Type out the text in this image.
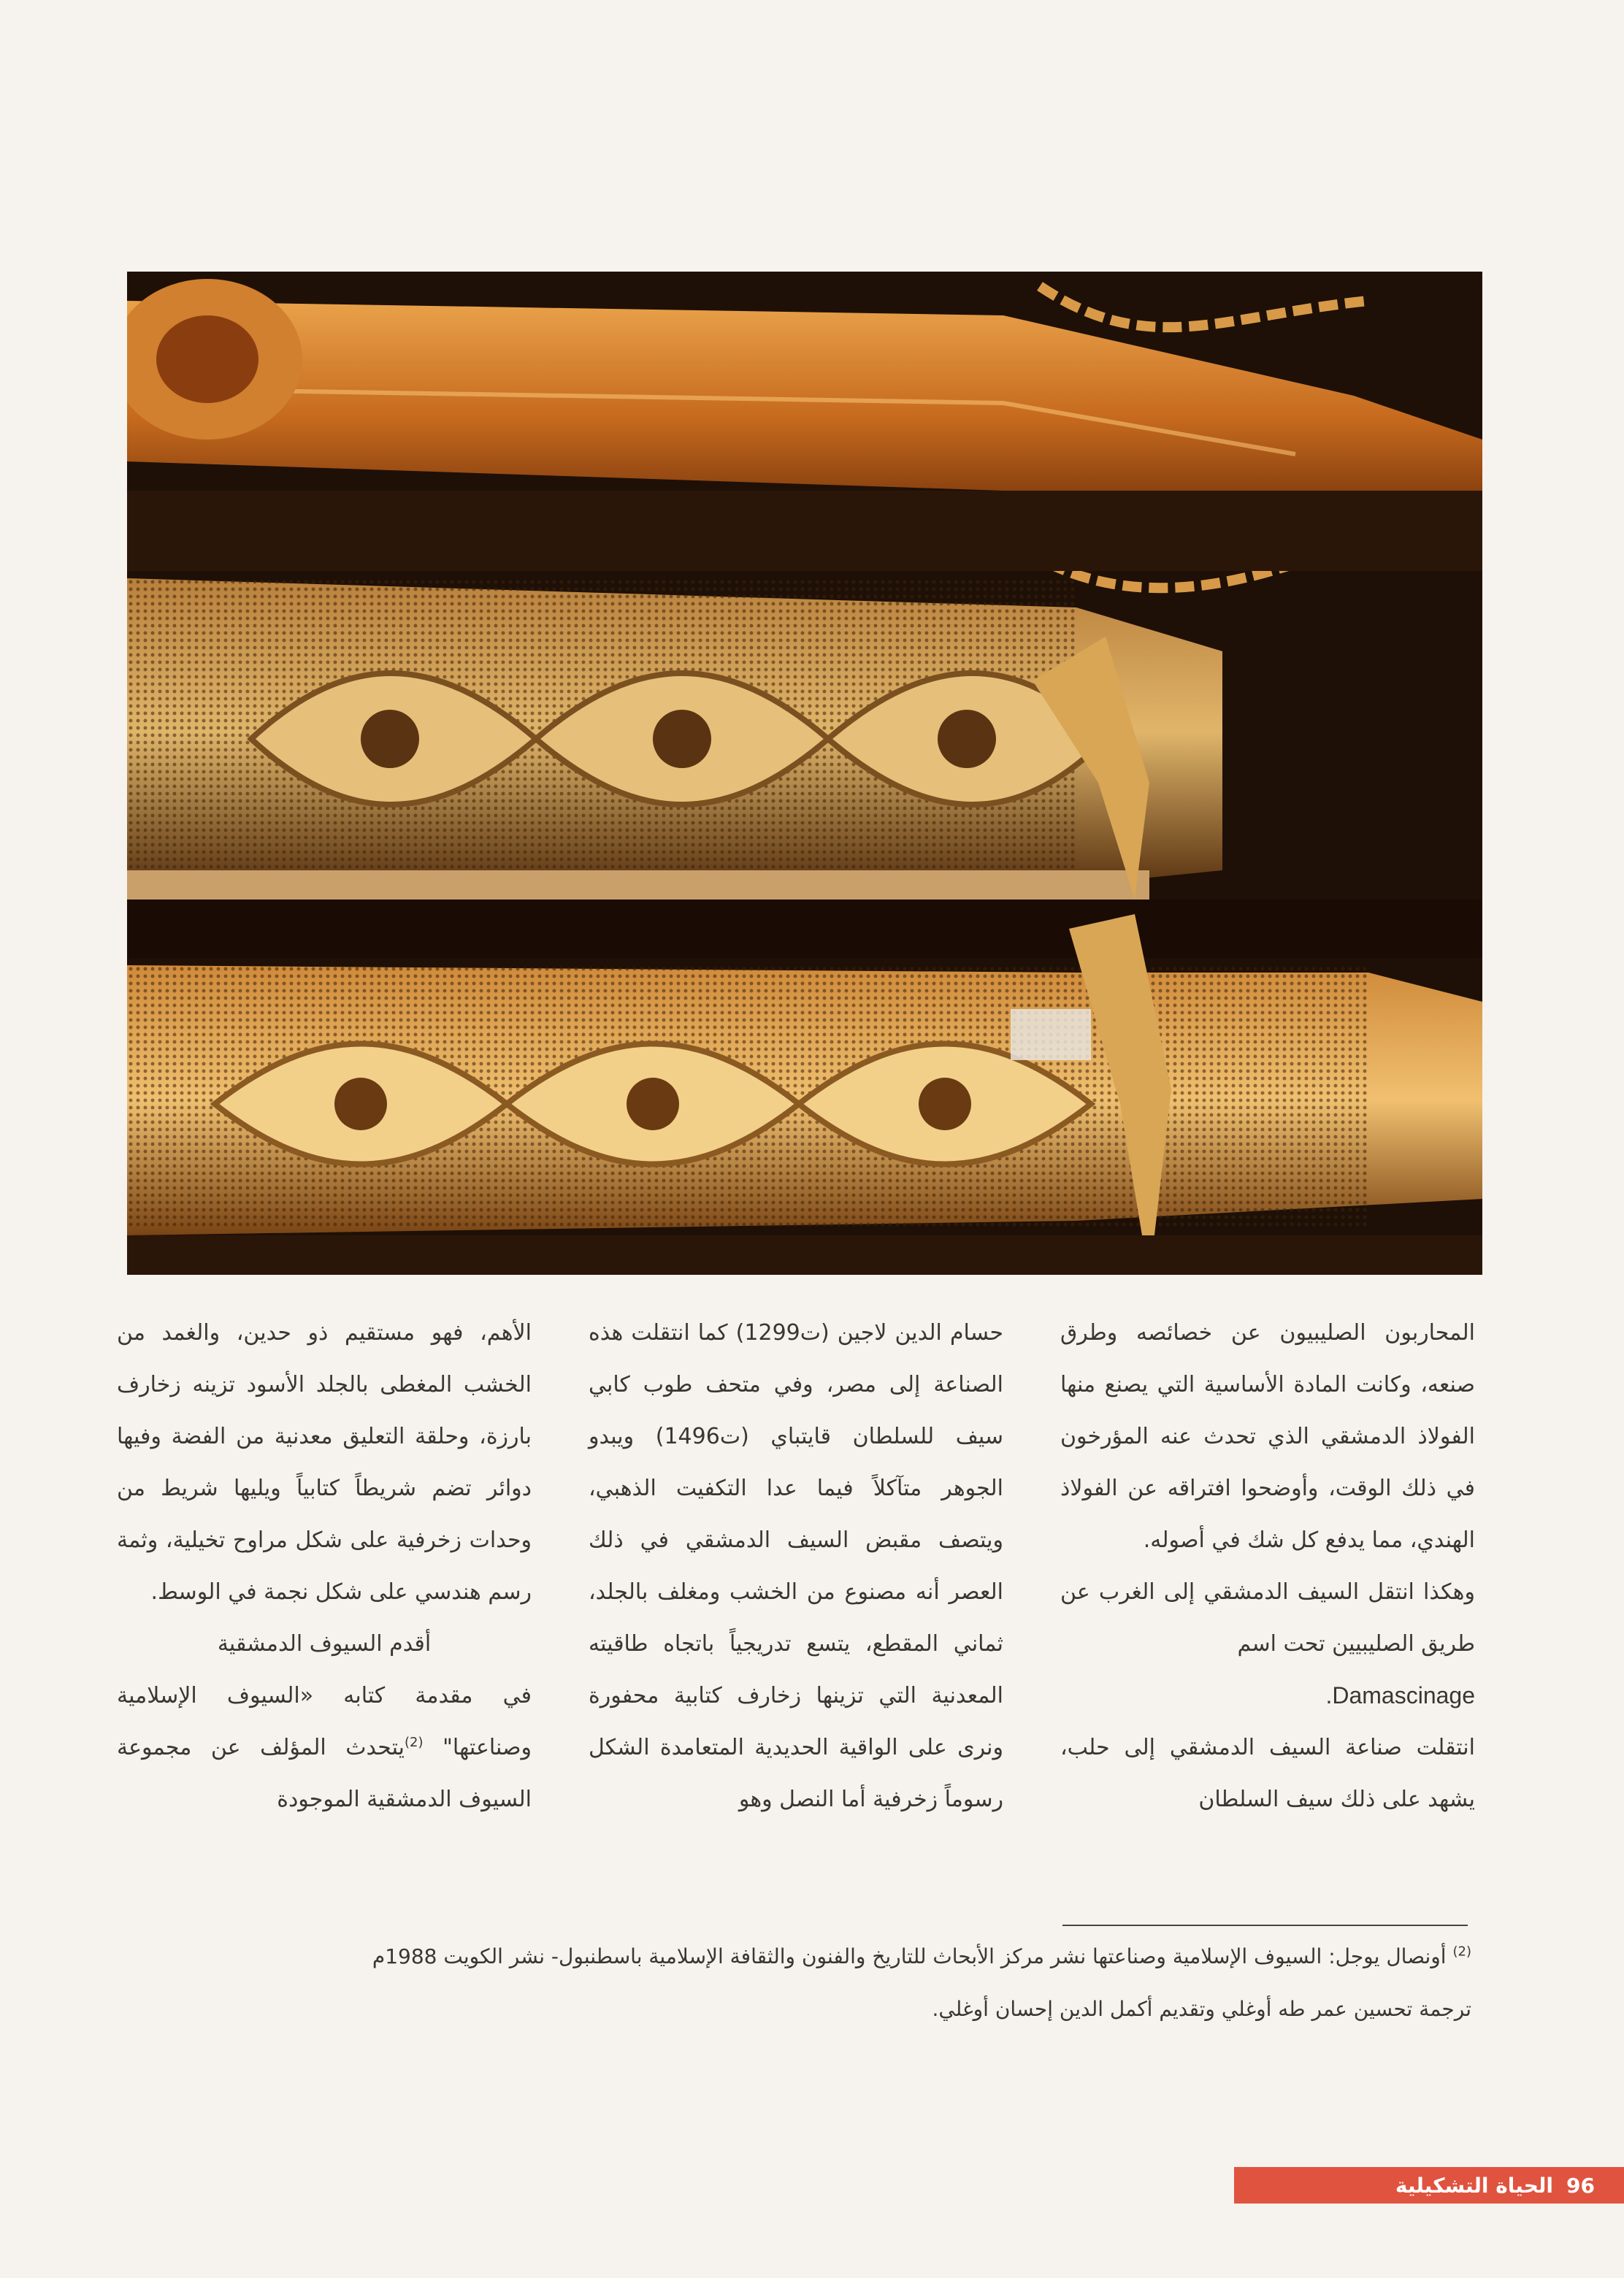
المحاربون الصليبيون عن خصائصه وطرق صنعه، وكانت المادة الأساسية التي يصنع منها الفولاذ الدمشقي الذي تحدث عنه المؤرخون في ذلك الوقت، وأوضحوا افتراقه عن الفولاذ الهندي، مما يدفع كل شك في أصوله.

وهكذا انتقل السيف الدمشقي إلى الغرب عن طريق الصليبيين تحت اسم

Damascinage.

انتقلت صناعة السيف الدمشقي إلى حلب، يشهد على ذلك سيف السلطان

حسام الدين لاجين (ت1299) كما انتقلت هذه الصناعة إلى مصر، وفي متحف طوب كابي سيف للسلطان قايتباي (ت1496) ويبدو الجوهر متآكلاً فيما عدا التكفيت الذهبي، ويتصف مقبض السيف الدمشقي في ذلك العصر أنه مصنوع من الخشب ومغلف بالجلد، ثماني المقطع، يتسع تدريجياً باتجاه طاقيته المعدنية التي تزينها زخارف كتابية محفورة ونرى على الواقية الحديدية المتعامدة الشكل رسوماً زخرفية أما النصل وهو

الأهم، فهو مستقيم ذو حدين، والغمد من الخشب المغطى بالجلد الأسود تزينه زخارف بارزة، وحلقة التعليق معدنية من الفضة وفيها دوائر تضم شريطاً كتابياً ويليها شريط من وحدات زخرفية على شكل مراوح تخيلية، وثمة رسم هندسي على شكل نجمة في الوسط.

أقدم السيوف الدمشقية

في مقدمة كتابه «السيوف الإسلامية وصناعتها" $^{(2)}$يتحدث المؤلف عن مجموعة السيوف الدمشقية الموجودة

$^{(2)}$ أونصال يوجل: السيوف الإسلامية وصناعتها نشر مركز الأبحاث للتاريخ والفنون والثقافة الإسلامية باسطنبول- نشر الكويت 1988م
ترجمة تحسين عمر طه أوغلي وتقديم أكمل الدين إحسان أوغلي.
96
الحياة التشكيلية
